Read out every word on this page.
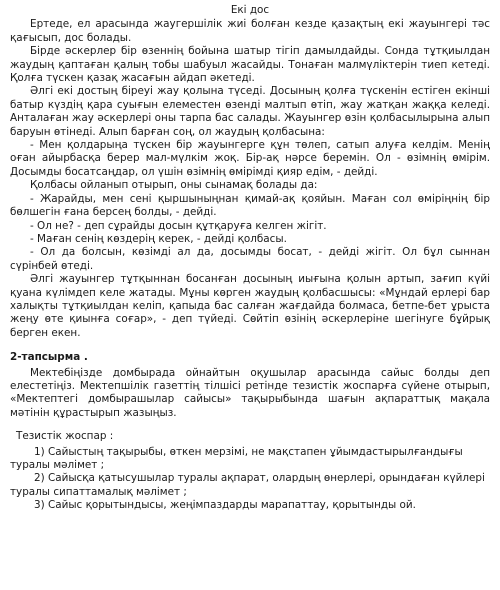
Екі дос

Ертеде, ел арасында жаугершілік жиі болған кезде қазақтың екі жауынгері тәс қағысып, дос болады.

Бірде әскерлер бір өзеннің бойына шатыр тігіп дамылдайды. Сонда тұтқиылдан жаудың қаптаған қалың тобы шабуыл жасайды. Тонаған малмүліктерін тиеп кетеді. Қолға түскен қазақ жасағын айдап әкетеді.

Әлгі екі достың біреуі жау қолына түседі. Досының қолға түскенін естіген екінші батыр күздің қара суығын елеместен өзенді малтып өтіп, жау жатқан жаққа келеді. Анталаған жау әскерлері оны тарпа бас салады. Жауынгер өзін қолбасылырына алып баруын өтінеді. Алып барған соң, ол жаудың қолбасына:

- Мен қолдарыңа түскен бір жауынгерге құн төлеп, сатып алуға келдім. Менің оған айырбасқа берер мал-мүлкім жоқ. Бір-ақ нәрсе беремін. Ол - өзімнің өмірім. Досымды босатсаңдар, ол үшін өзімнің өмірімді қияр едім, - дейді.

Қолбасы ойланып отырып, оны сынамақ болады да:

- Жарайды, мен сені қыршыныңнан қимай-ақ қояйын. Маған сол өміріңнің бір бөлшегін ғана берсең болды, - дейді.

- Ол не? - деп сұрайды досын құтқаруға келген жігіт.

- Маған сенің көздерің керек, - дейді қолбасы.

- Ол да болсын, көзімді ал да, досымды босат, - дейді жігіт. Ол бұл сыннан сүрінбей өтеді.

Әлгі жауынгер тұтқыннан босанған досының иығына қолын артып, зағип күйі қуана күлімдеп келе жатады. Мұны көрген жаудың қолбасшысы: «Мұндай ерлері бар халықты тұтқиылдан келіп, қапыда бас салған жағдайда болмаса, бетпе-бет ұрыста жеңу өте қиынға соғар», - деп түйеді. Сөйтіп өзінің әскерлеріне шегінуге бұйрық берген екен.

2-тапсырма .

Мектебіңізде домбырада ойнайтын оқушылар арасында сайыс болды деп елестетіңіз. Мектепшілік газеттің тілшісі ретінде тезистік жоспарға сүйене отырып, «Мектептегі домбырашылар сайысы» тақырыбында шағын ақпараттық мақала мәтінін құрастырып жазыңыз.

Тезистік жоспар :
1) Сайыстың тақырыбы, өткен мерзімі, не мақстапен ұйымдастырылғандығы туралы мәлімет ;
2) Сайысқа қатысушылар туралы ақпарат, олардың өнерлері, орындаған күйлері туралы сипаттамалық мәлімет ;
3) Сайыс қорытындысы, жеңімпаздарды марапаттау, қорытынды ой.
